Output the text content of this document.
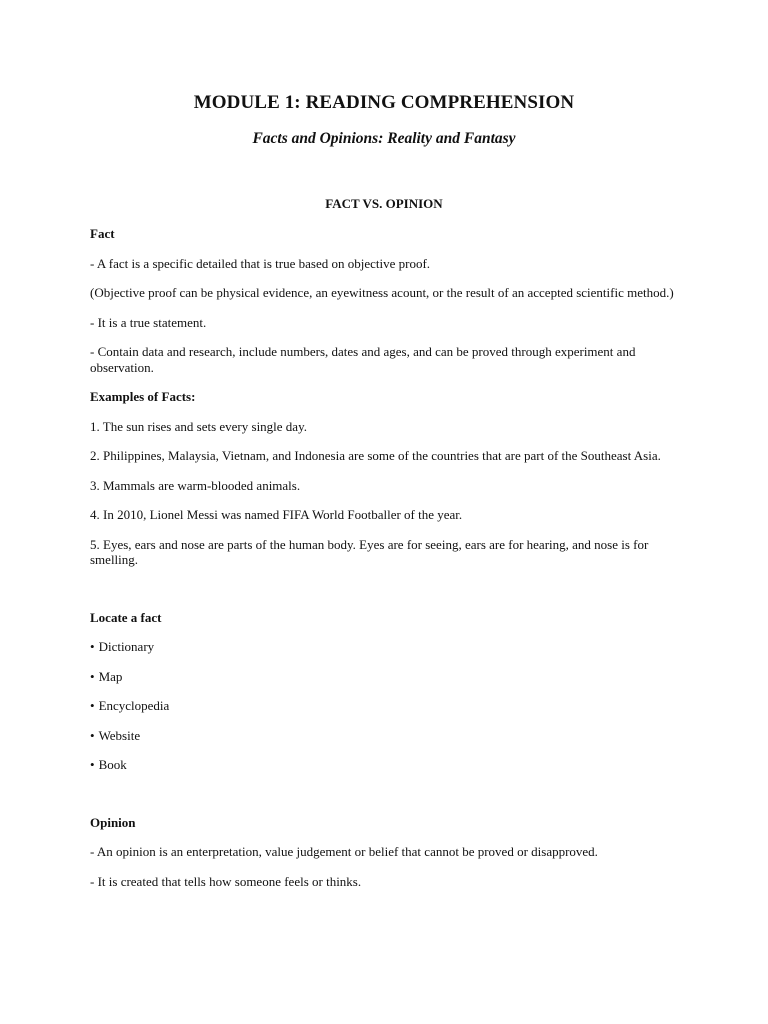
MODULE 1: READING COMPREHENSION
Facts and Opinions: Reality and Fantasy
FACT VS. OPINION

Fact

- A fact is a specific detailed that is true based on objective proof.

(Objective proof can be physical evidence, an eyewitness acount, or the result of an accepted scientific method.)

- It is a true statement.

- Contain data and research, include numbers, dates and ages, and can be proved through experiment and observation.

Examples of Facts:

1. The sun rises and sets every single day.

2. Philippines, Malaysia, Vietnam, and Indonesia are some of the countries that are part of the Southeast Asia.

3. Mammals are warm-blooded animals.

4. In 2010, Lionel Messi was named FIFA World Footballer of the year.

5. Eyes, ears and nose are parts of the human body. Eyes are for seeing, ears are for hearing, and nose is for smelling.

Locate a fact

• Dictionary

• Map

• Encyclopedia

• Website

• Book

Opinion

- An opinion is an enterpretation, value judgement or belief that cannot be proved or disapproved.

- It is created that tells how someone feels or thinks.
